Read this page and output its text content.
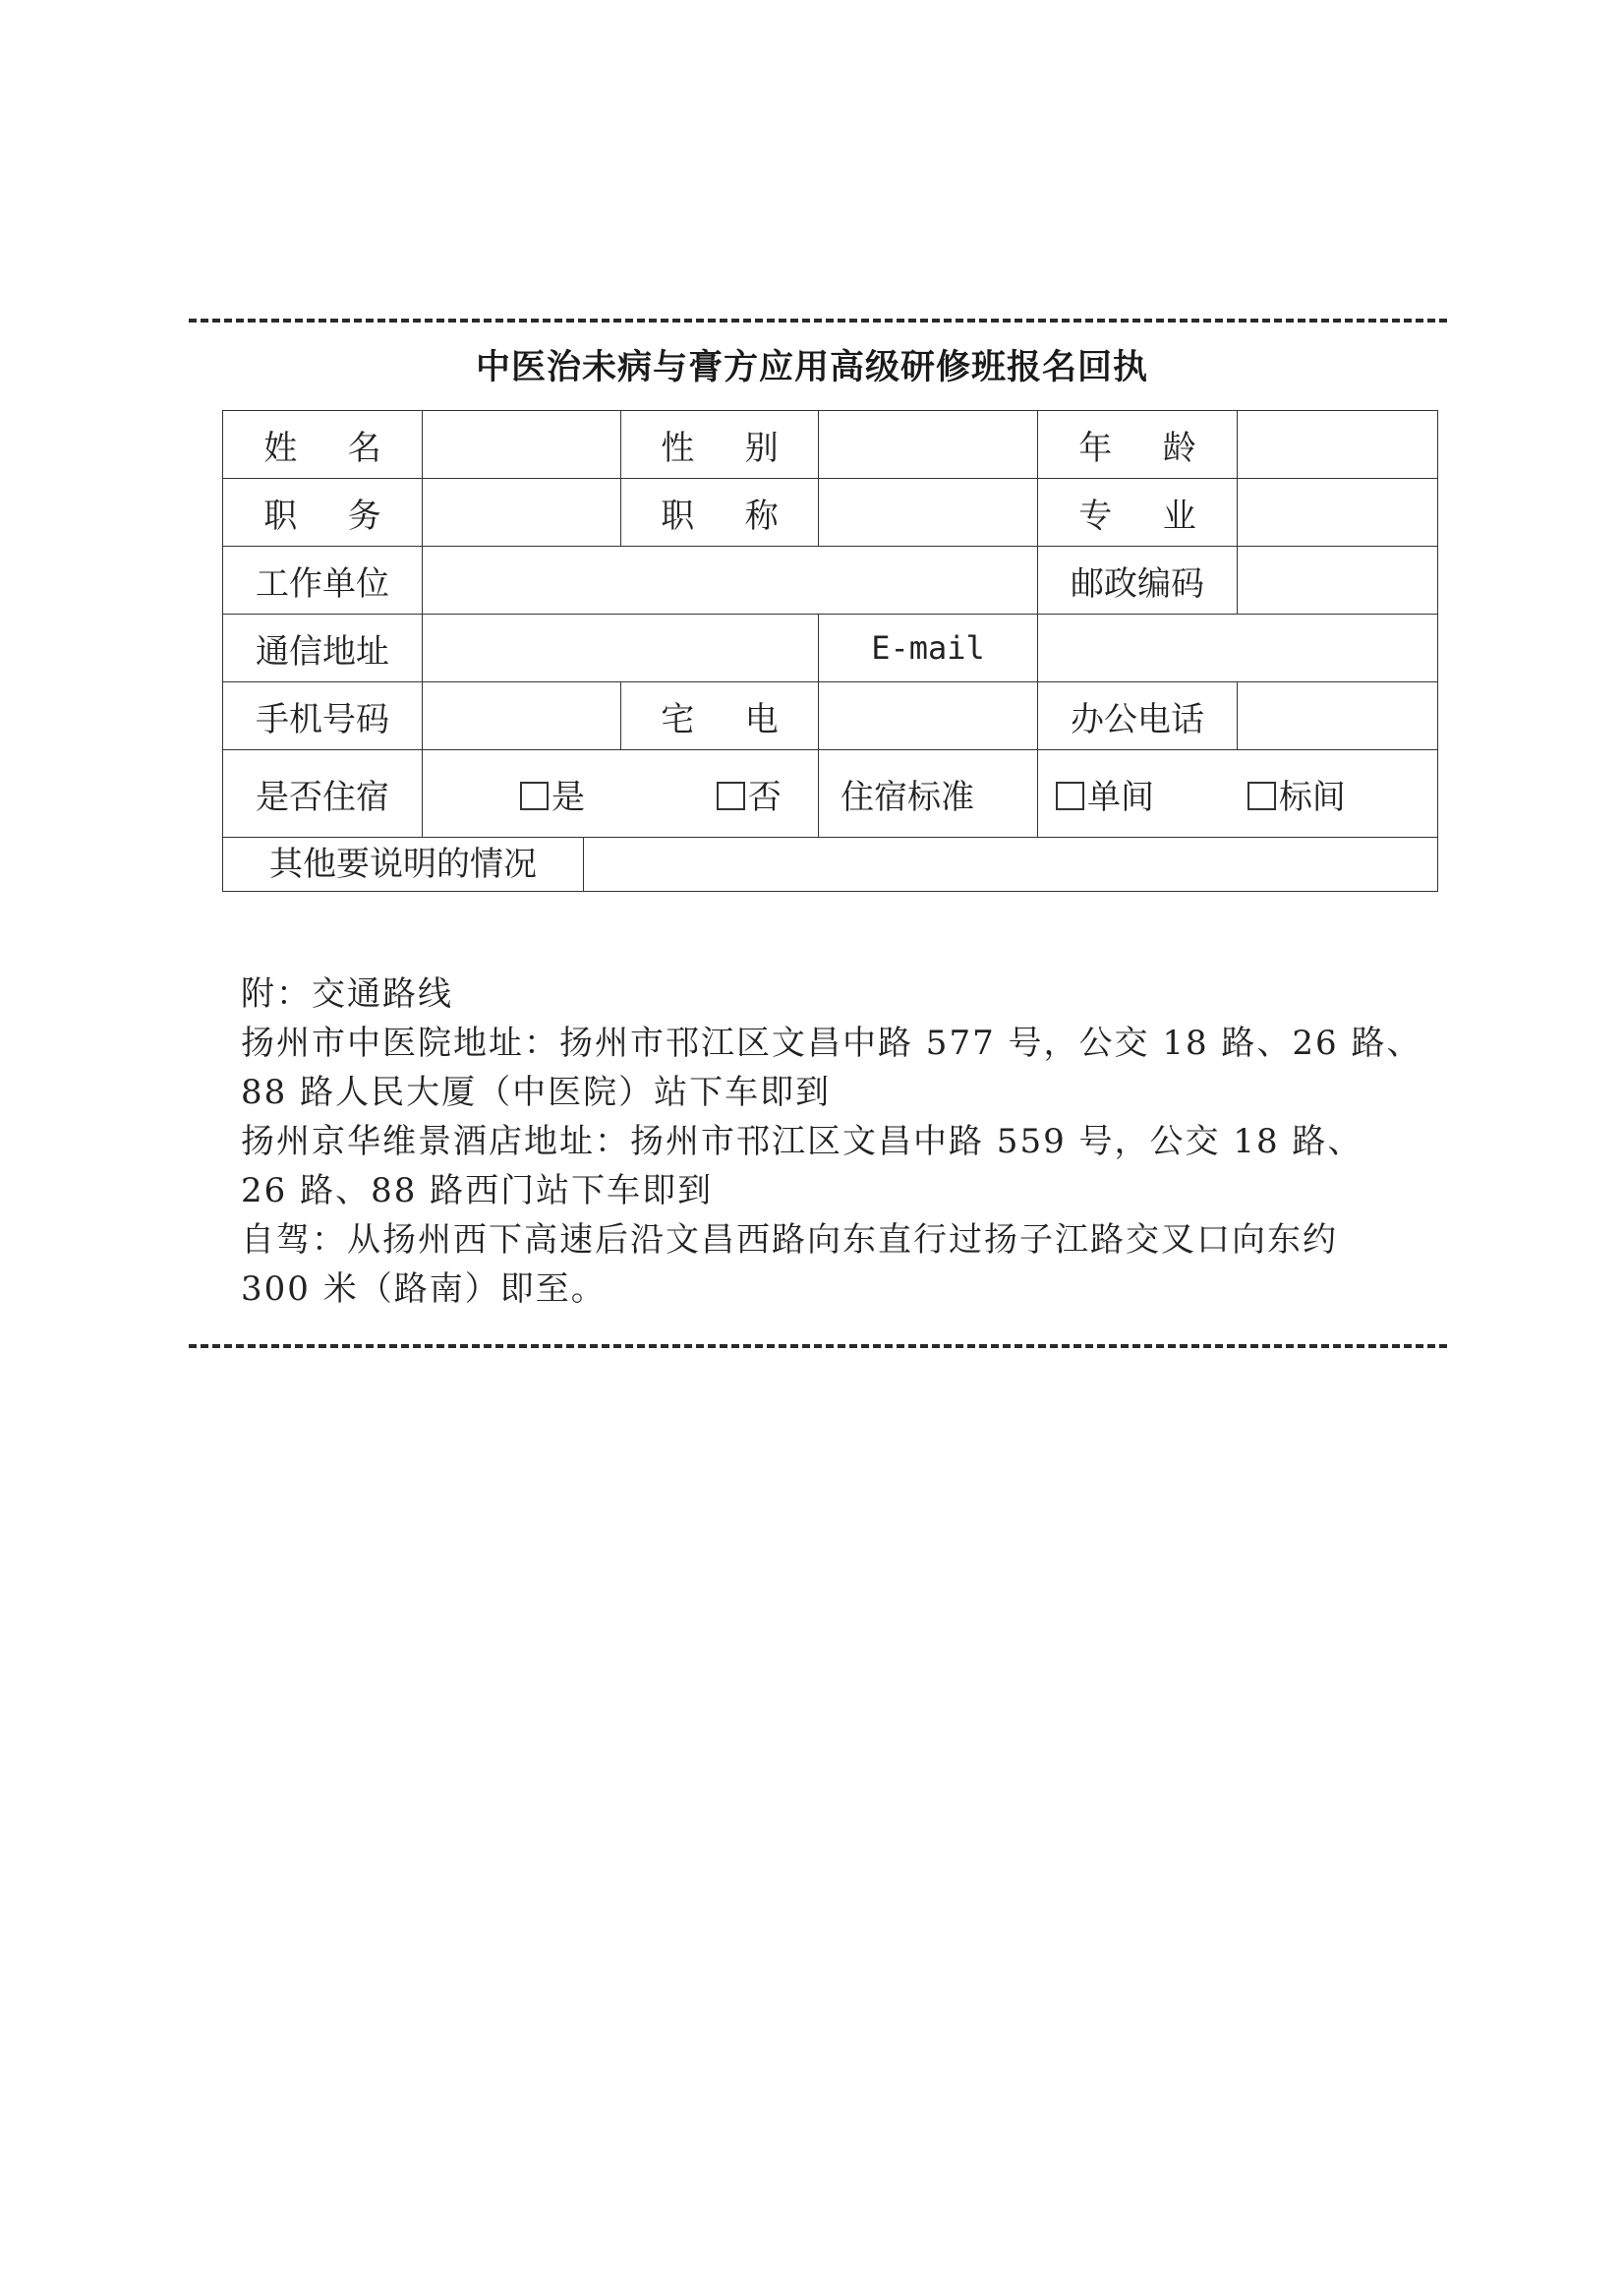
中医治未病与膏方应用高级研修班报名回执
姓 名		性 别		年 龄	
职 务		职 称		专 业	
工作单位				邮政编码	
通信地址			E-mail		
手机号码		宅 电		办公电话	
是否住宿	是 否		住宿标准	单间 标间	

其他要说明的情况					
附：交通路线
扬州市中医院地址：扬州市邗江区文昌中路 577 号，公交 18 路、26 路、
88 路人民大厦（中医院）站下车即到
扬州京华维景酒店地址：扬州市邗江区文昌中路 559 号，公交 18 路、
26 路、88 路西门站下车即到
自驾：从扬州西下高速后沿文昌西路向东直行过扬子江路交叉口向东约
300 米（路南）即至。
